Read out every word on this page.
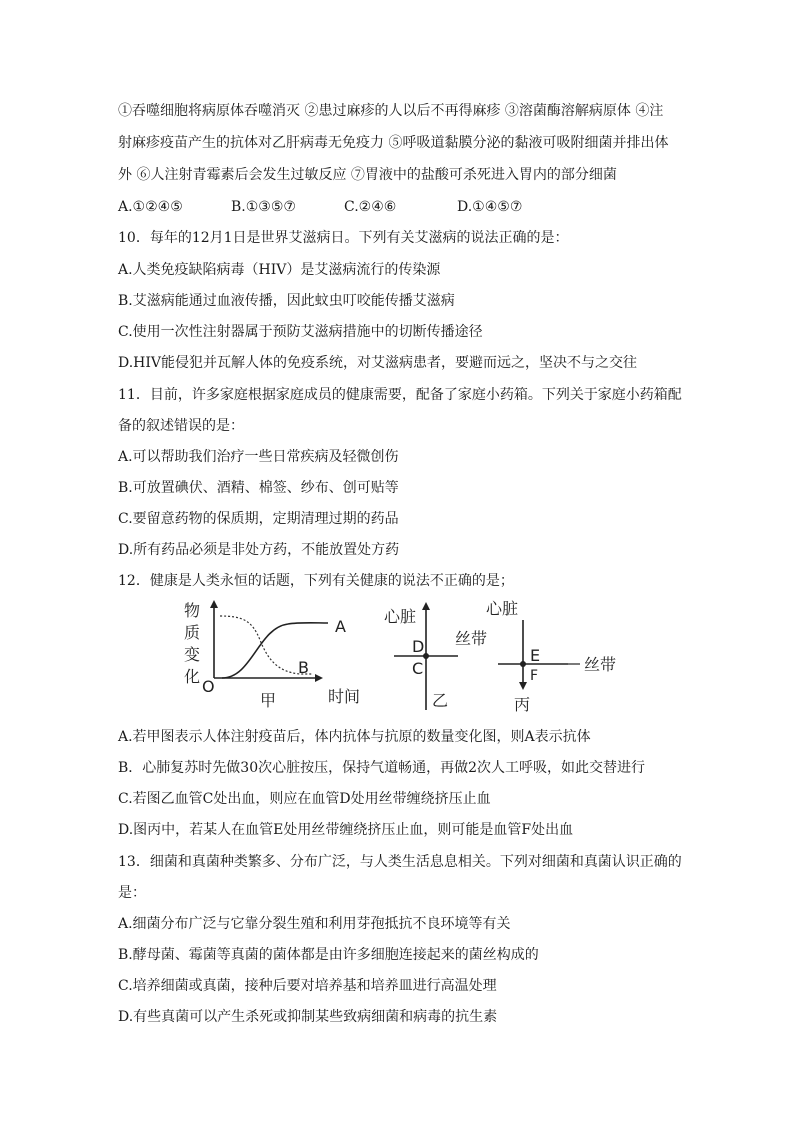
①吞噬细胞将病原体吞噬消灭 ②患过麻疹的人以后不再得麻疹 ③溶菌酶溶解病原体 ④注
射麻疹疫苗产生的抗体对乙肝病毒无免疫力 ⑤呼吸道黏膜分泌的黏液可吸附细菌并排出体
外 ⑥人注射青霉素后会发生过敏反应 ⑦胃液中的盐酸可杀死进入胃内的部分细菌
A.①②④⑤	B.①③⑤⑦	C.②④⑥	D.①④⑤⑦
10．每年的12月1日是世界艾滋病日。下列有关艾滋病的说法正确的是：
A.人类免疫缺陷病毒（HIV）是艾滋病流行的传染源
B.艾滋病能通过血液传播，因此蚊虫叮咬能传播艾滋病
C.使用一次性注射器属于预防艾滋病措施中的切断传播途径
D.HIV能侵犯并瓦解人体的免疫系统，对艾滋病患者，要避而远之，坚决不与之交往
11．目前，许多家庭根据家庭成员的健康需要，配备了家庭小药箱。下列关于家庭小药箱配
备的叙述错误的是：
A.可以帮助我们治疗一些日常疾病及轻微创伤
B.可放置碘伏、酒精、棉签、纱布、创可贴等
C.要留意药物的保质期，定期清理过期的药品
D.所有药品必须是非处方药，不能放置处方药
12．健康是人类永恒的话题，下列有关健康的说法不正确的是；
物
质
变
化
O
A
B
甲	时间
心脏
丝带
D
C
乙
心脏
E
F
丝带
丙
A.若甲图表示人体注射疫苗后，体内抗体与抗原的数量变化图，则A表示抗体
B．心肺复苏时先做30次心脏按压，保持气道畅通，再做2次人工呼吸，如此交替进行
C.若图乙血管C处出血，则应在血管D处用丝带缠绕挤压止血
D.图丙中，若某人在血管E处用丝带缠绕挤压止血，则可能是血管F处出血
13．细菌和真菌种类繁多、分布广泛，与人类生活息息相关。下列对细菌和真菌认识正确的
是：
A.细菌分布广泛与它靠分裂生殖和利用芽孢抵抗不良环境等有关
B.酵母菌、霉菌等真菌的菌体都是由许多细胞连接起来的菌丝构成的
C.培养细菌或真菌，接种后要对培养基和培养皿进行高温处理
D.有些真菌可以产生杀死或抑制某些致病细菌和病毒的抗生素
